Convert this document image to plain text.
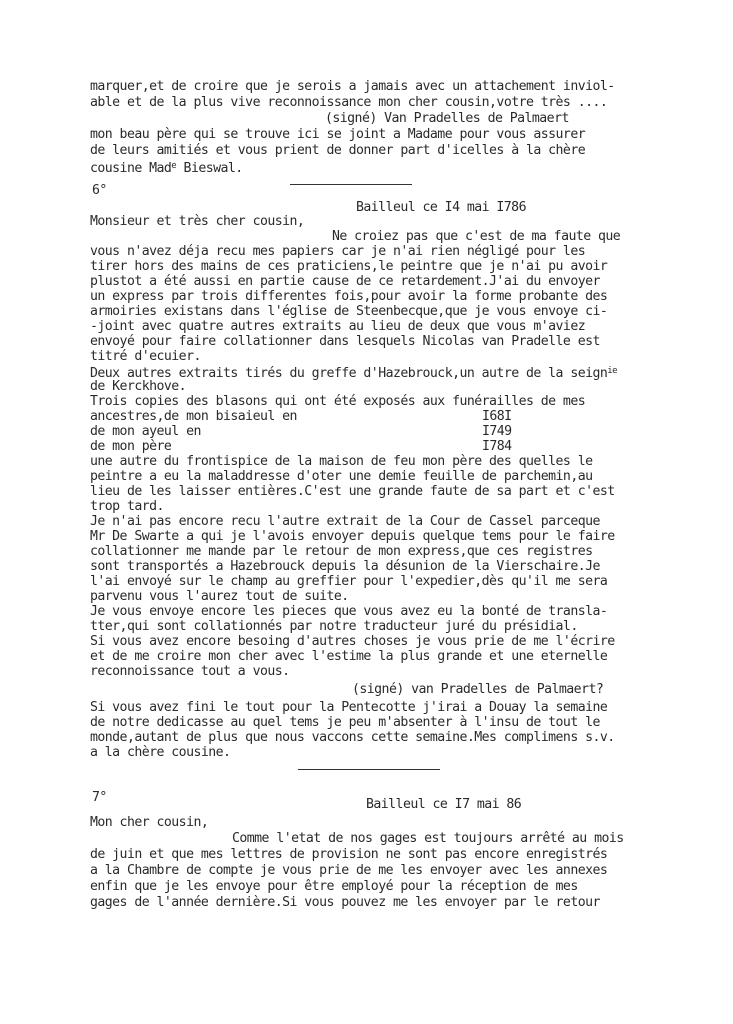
marquer,et de croire que je serois a jamais avec un attachement inviol-
able et de la plus vive reconnoissance mon cher cousin,votre très ....
(signé) Van Pradelles de Palmaert
mon beau père qui se trouve ici se joint a Madame pour vous assurer
de leurs amitiés et vous prient de donner part d'icelles à la chère
cousine Mad$^e$ Bieswal.
6°
Bailleul ce I4 mai I786
Monsieur et très cher cousin,
Ne croiez pas que c'est de ma faute que
vous n'avez déja recu mes papiers car je n'ai rien négligé pour les
tirer hors des mains de ces praticiens,le peintre que je n'ai pu avoir
plustot a été aussi en partie cause de ce retardement.J'ai du envoyer
un express par trois differentes fois,pour avoir la forme probante des
armoiries existans dans l'église de Steenbecque,que je vous envoye ci-
-joint avec quatre autres extraits au lieu de deux que vous m'aviez
envoyé pour faire collationner dans lesquels Nicolas van Pradelle est
titré d'ecuier.
Deux autres extraits tirés du greffe d'Hazebrouck,un autre de la seign$^{ie}$
de Kerckhove.
Trois copies des blasons qui ont été exposés aux funérailles de mes
ancestres,de mon bisaieul en	I68I
de mon ayeul en	I749
de mon père	I784
une autre du frontispice de la maison de feu mon père des quelles le
peintre a eu la maladdresse d'oter une demie feuille de parchemin,au
lieu de les laisser entières.C'est une grande faute de sa part et c'est
trop tard.
Je n'ai pas encore recu l'autre extrait de la Cour de Cassel parceque
Mr De Swarte a qui je l'avois envoyer depuis quelque tems pour le faire
collationner me mande par le retour de mon express,que ces registres
sont transportés a Hazebrouck depuis la désunion de la Vierschaire.Je
l'ai envoyé sur le champ au greffier pour l'expedier,dès qu'il me sera
parvenu vous l'aurez tout de suite.
Je vous envoye encore les pieces que vous avez eu la bonté de transla-
tter,qui sont collationnés par notre traducteur juré du présidial.
Si vous avez encore besoing d'autres choses je vous prie de me l'écrire
et de me croire mon cher avec l'estime la plus grande et une eternelle
reconnoissance tout a vous.
(signé) van Pradelles de Palmaert?
Si vous avez fini le tout pour la Pentecotte j'irai a Douay la semaine
de notre dedicasse au quel tems je peu m'absenter à l'insu de tout le
monde,autant de plus que nous vaccons cette semaine.Mes complimens s.v.
a la chère cousine.
7°	Bailleul ce I7 mai 86
Mon cher cousin,
Comme l'etat de nos gages est toujours arrêté au mois
de juin et que mes lettres de provision ne sont pas encore enregistrés
a la Chambre de compte je vous prie de me les envoyer avec les annexes
enfin que je les envoye pour être employé pour la réception de mes
gages de l'année dernière.Si vous pouvez me les envoyer par le retour
